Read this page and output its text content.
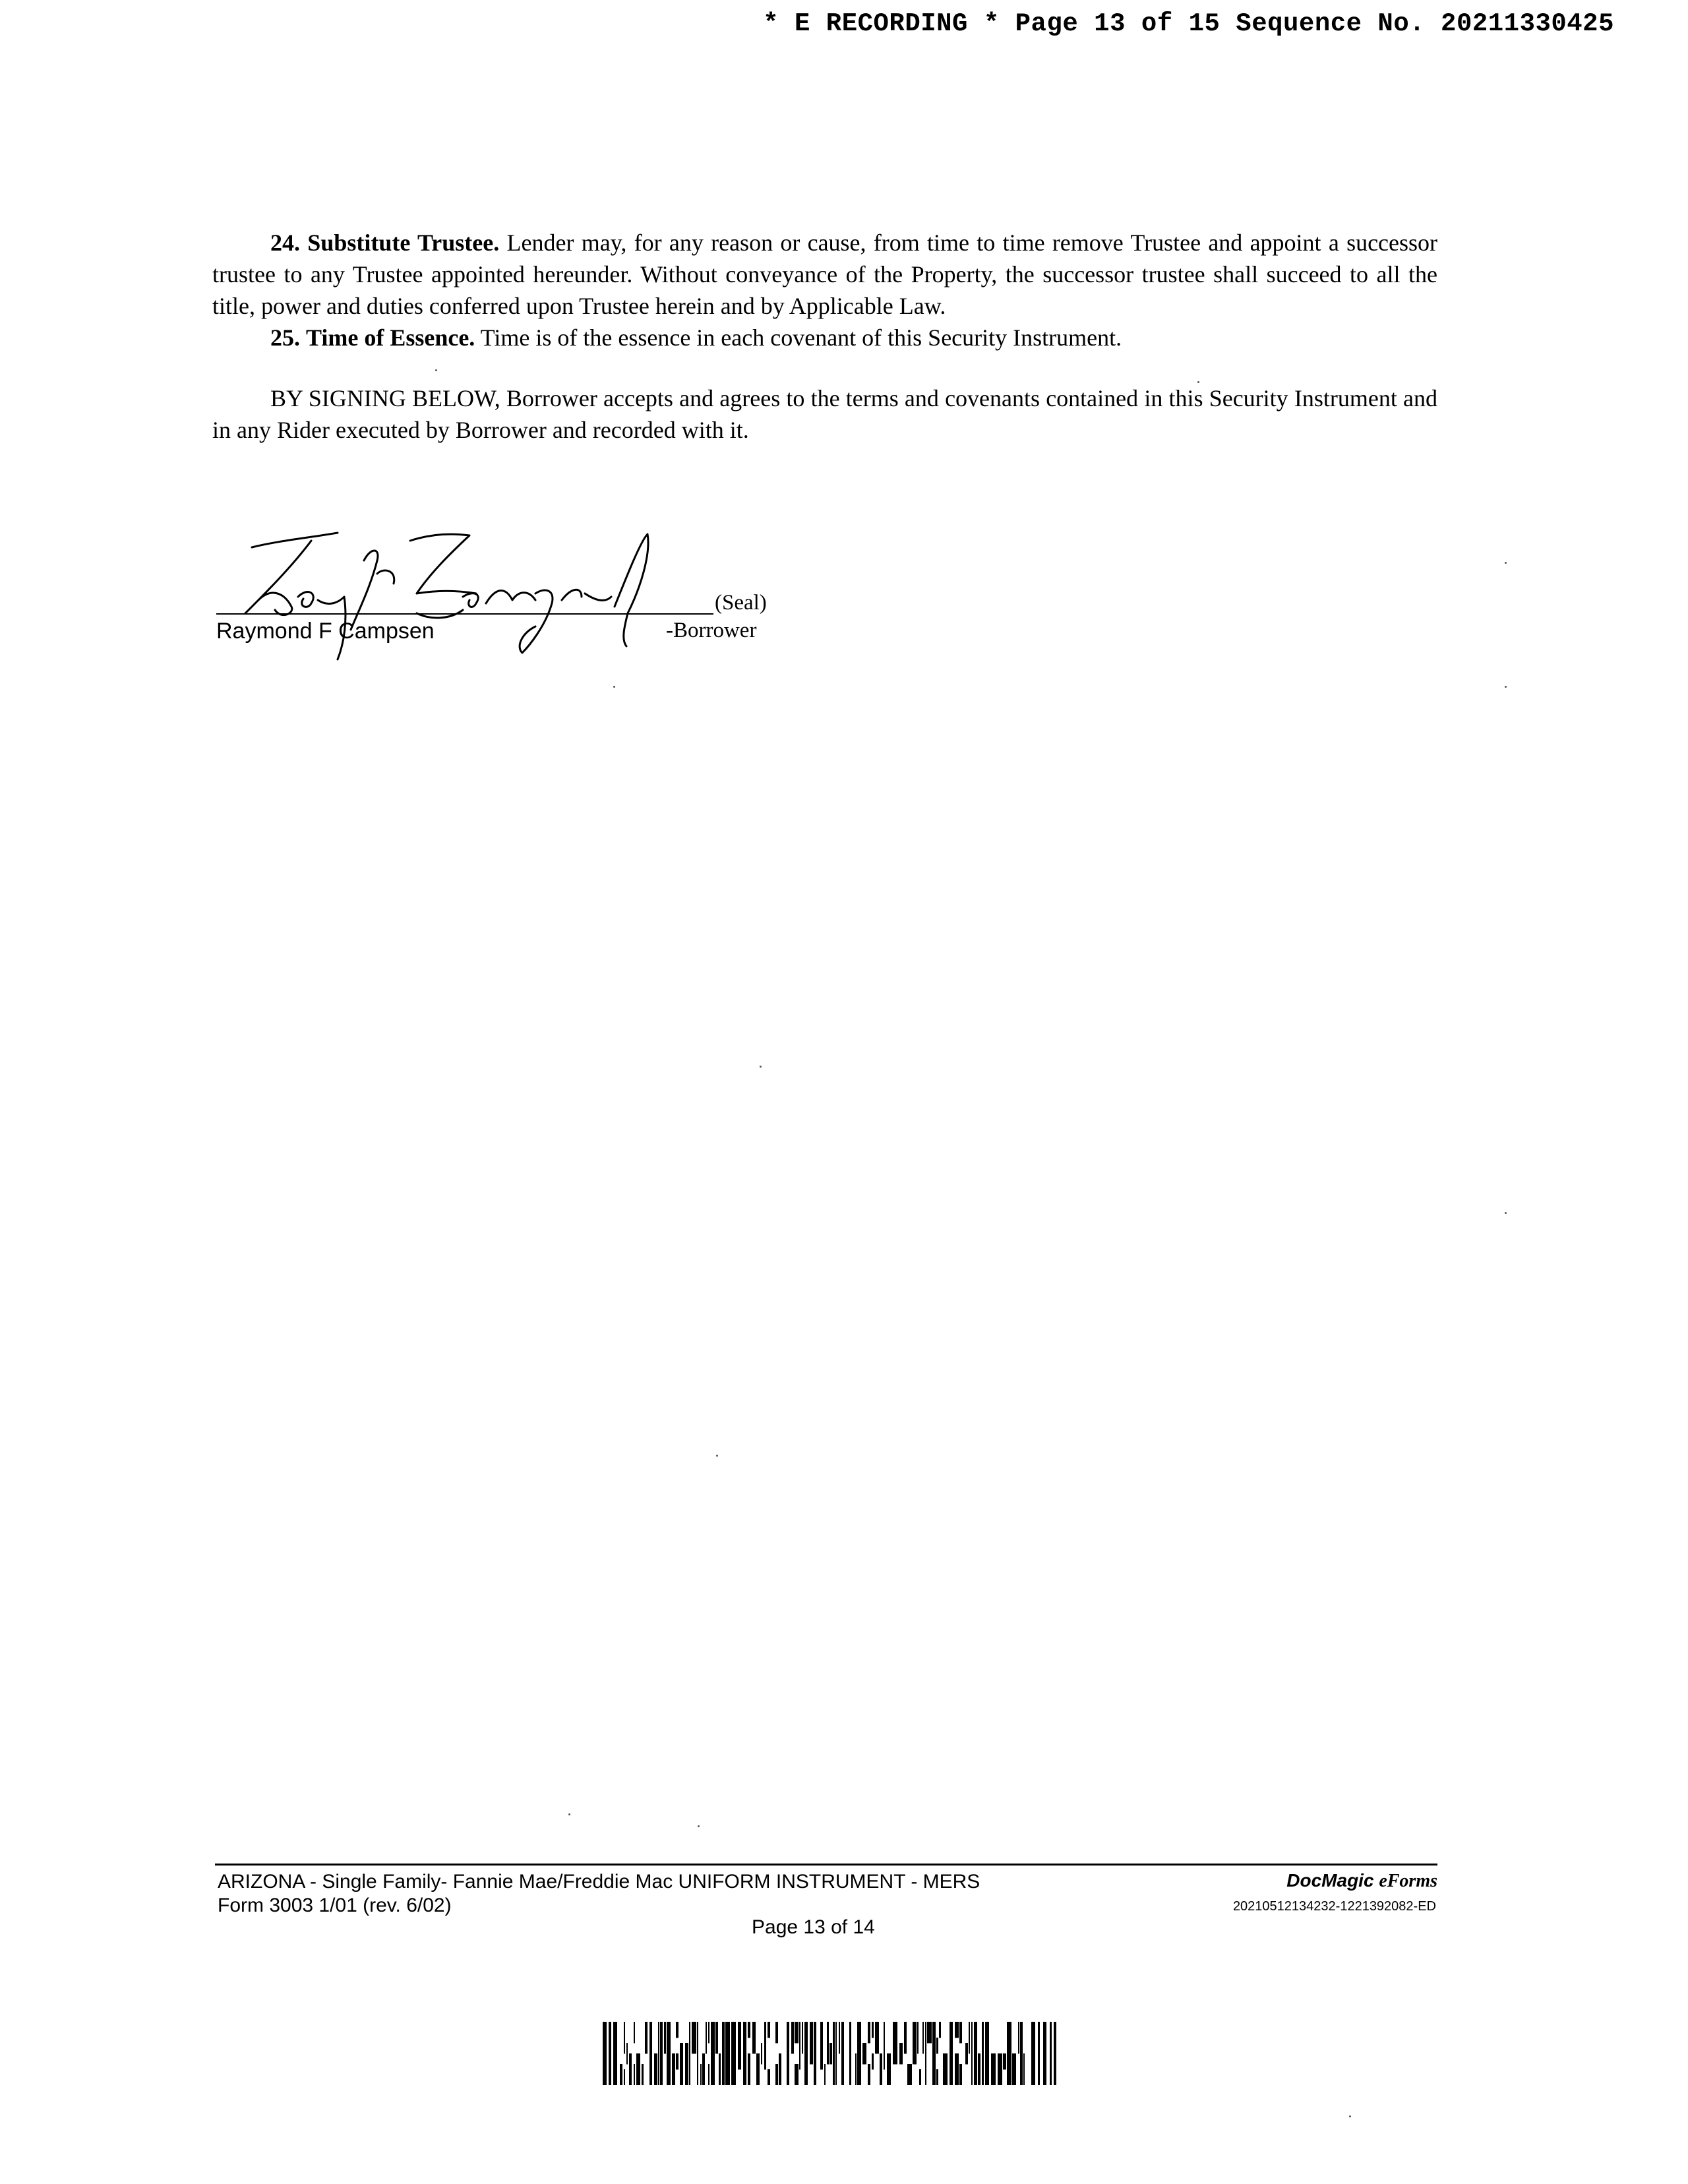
* E RECORDING * Page 13 of 15 Sequence No. 20211330425

24. Substitute Trustee. Lender may, for any reason or cause, from time to time remove Trustee and appoint a successor trustee to any Trustee appointed hereunder. Without conveyance of the Property, the successor trustee shall succeed to all the title, power and duties conferred upon Trustee herein and by Applicable Law.

25. Time of Essence. Time is of the essence in each covenant of this Security Instrument.

BY SIGNING BELOW, Borrower accepts and agrees to the terms and covenants contained in this Security Instrument and in any Rider executed by Borrower and recorded with it.

(Seal)
Raymond F Campsen	-Borrower
ARIZONA - Single Family- Fannie Mae/Freddie Mac UNIFORM INSTRUMENT - MERS
Form 3003 1/01 (rev. 6/02)
Page 13 of 14
DocMagic eForms
20210512134232-1221392082-ED
